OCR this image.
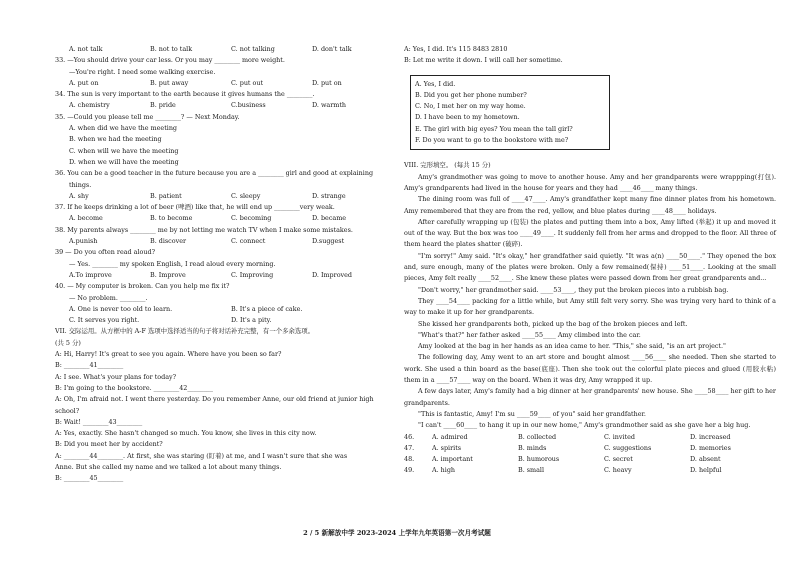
A. not talk	B. not to talk	C. not talking	D. don't talk
33. —You should drive your car less. Or you may ________ more weight.
—You're right. I need some walking exercise.
A. put on	B. put away	C. put out	D. put on
34. The sun is very important to the earth because it gives humans the ________.
A. chemistry	B. pride	C.business	D. warmth
35. —Could you please tell me ________? — Next Monday.
A. when did we have the meeting
B. when we had the meeting
C. when will we have the meeting
D. when we will have the meeting
36. You can be a good teacher in the future because you are a ________ girl and good at explaining
things.
A. shy	B. patient	C. sleepy	D. strange
37. If he keeps drinking a lot of beer (啤酒) like that, he will end up ________very weak.
A. become	B. to become	C. becoming	D. became
38. My parents always ________ me by not letting me watch TV when I make some mistakes.
A.punish	B. discover	C. connect	D.suggest
39 — Do you often read aloud?
— Yes. ________ my spoken English, I read aloud every morning.
A.To improve	B. Improve	C. Improving	D. Improved
40. — My computer is broken. Can you help me fix it?
— No problem. ________.
A. One is never too old to learn.	B. It's a piece of cake.
C. It serves you right.	D. It's a pity.
VII. 交际运用。从方框中的 A-F 选项中选择适当的句子将对话补充完整，有一个多余选项。
(共 5 分)
A: Hi, Harry! It's great to see you again. Where have you been so far?
B: ________41________
A: I see. What's your plans for today?
B: I'm going to the bookstore. ________42________
A: Oh, I'm afraid not. I went there yesterday. Do you remember Anne, our old friend at junior high
school?
B: Wait! ________43________
A: Yes, exactly. She hasn't changed so much. You know, she lives in this city now.
B: Did you meet her by accident?
A: ________44________. At first, she was staring (盯着) at me, and I wasn't sure that she was
Anne. But she called my name and we talked a lot about many things.
B: ________45________
A: Yes, I did. It's 115 8483 2810
B: Let me write it down. I will call her sometime.
A. Yes, I did.
B. Did you get her phone number?
C. No, I met her on my way home.
D. I have been to my hometown.
E. The girl with big eyes? You mean the tall girl?
F. Do you want to go to the bookstore with me?
VIII. 完形填空。 (每共 15 分)
Amy's grandmother was going to move to another house. Amy and her grandparents were wrappping(打包). Amy's grandparents had lived in the house for years and they had ____46____ many things.
The dining room was full of ____47____. Amy's grandfather kept many fine dinner plates from his hometown. Amy remembered that they are from the red, yellow, and blue plates during ____48____ holidays.
After carefully wrapping up (包装) the plates and putting them into a box, Amy lifted (举起) it up and moved it out of the way. But the box was too ____49____. It suddenly fell from her arms and dropped to the floor. All three of them heard the plates shatter (破碎).
"I'm sorry!" Amy said. "It's okay," her grandfather said quietly. "It was a(n) ____50____." They opened the box and, sure enough, many of the plates were broken. Only a few remained(保持) ____51____. Looking at the small pieces, Amy felt really ____52____. She knew these plates were passed down from her great grandparents and...
"Don't worry," her grandmother said. ____53____, they put the broken pieces into a rubbish bag.
They ____54____ packing for a little while, but Amy still felt very sorry. She was trying very hard to think of a way to make it up for her grandparents.
She kissed her grandparents both, picked up the bag of the broken pieces and left.
"What's that?" her father asked ____55____ Amy climbed into the car.
Amy looked at the bag in her hands as an idea came to her. "This," she said, "is an art project."
The following day, Amy went to an art store and bought almost ____56____ she needed. Then she started to work. She used a thin board as the base(底座). Then she took out the colorful plate pieces and glued (用胶水粘) them in a ____57____ way on the board. When it was dry, Amy wrapped it up.
A few days later, Amy's family had a big dinner at her grandparents' new house. She ____58____ her gift to her grandparents.
"This is fantastic, Amy! I'm su ____59____ of you" said her grandfather.
"I can't ____60____ to hang it up in our new home," Amy's grandmother said as she gave her a big hug.
46.	A. admired	B. collected	C. invited	D. increased
47.	A. spirits	B. minds	C. suggestions	D. memories
48.	A. important	B. humorous	C. secret	D. absent
49.	A. high	B. small	C. heavy	D. helpful
2 / 5 新解放中学 2023-2024 上学年九年英语第一次月考试题
